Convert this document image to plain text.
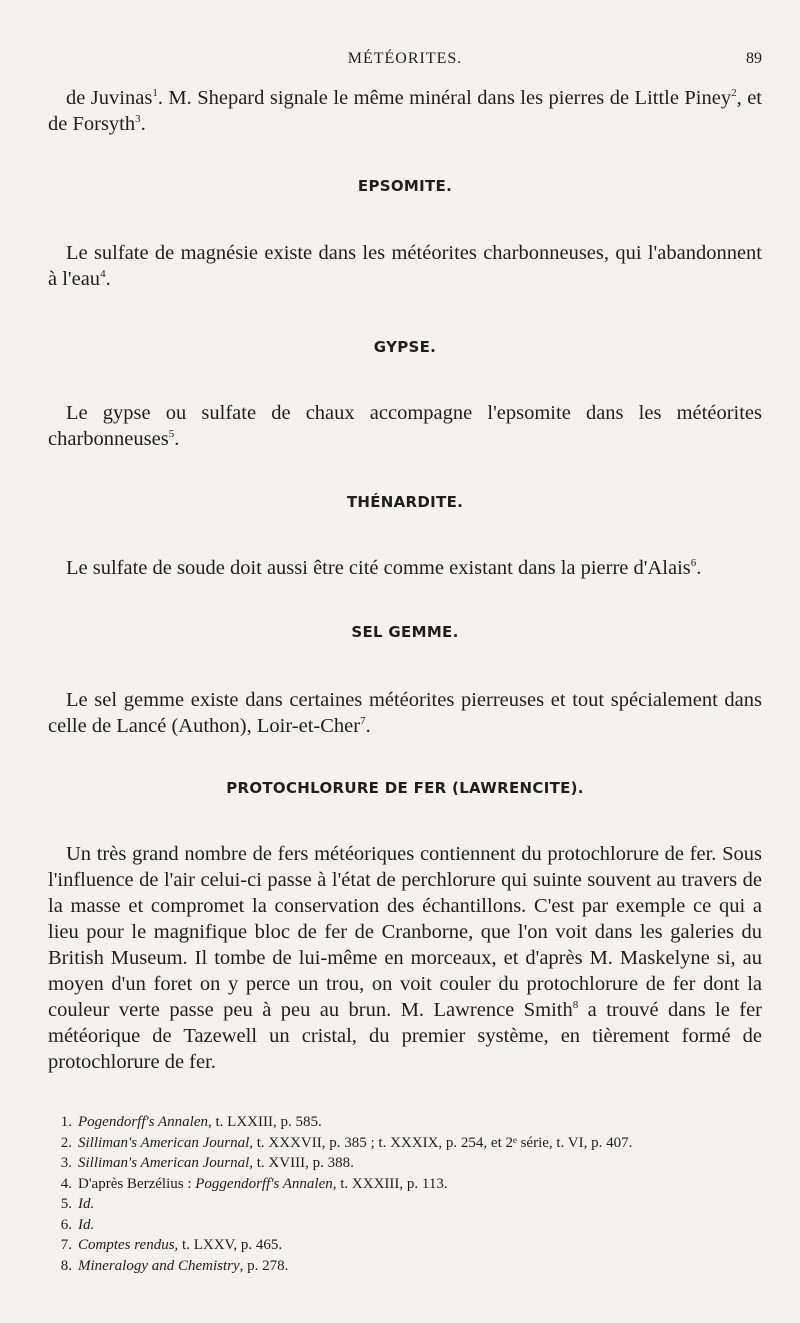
MÉTÉORITES.	89

de Juvinas$^1$. M. Shepard signale le même minéral dans les pierres de Little Piney$^2$, et de Forsyth$^3$.

EPSOMITE.

Le sulfate de magnésie existe dans les météorites charbonneuses, qui l'abandonnent à l'eau$^4$.

GYPSE.

Le gypse ou sulfate de chaux accompagne l'epsomite dans les météorites charbonneuses$^5$.

THÉNARDITE.

Le sulfate de soude doit aussi être cité comme existant dans la pierre d'Alais$^6$.

SEL GEMME.

Le sel gemme existe dans certaines météorites pierreuses et tout spécialement dans celle de Lancé (Authon), Loir-et-Cher$^7$.

PROTOCHLORURE DE FER (LAWRENCITE).

Un très grand nombre de fers météoriques contiennent du protochlorure de fer. Sous l'influence de l'air celui-ci passe à l'état de perchlorure qui suinte souvent au travers de la masse et compromet la conservation des échantillons. C'est par exemple ce qui a lieu pour le magnifique bloc de fer de Cranborne, que l'on voit dans les galeries du British Museum. Il tombe de lui-même en morceaux, et d'après M. Maskelyne si, au moyen d'un foret on y perce un trou, on voit couler du protochlorure de fer dont la couleur verte passe peu à peu au brun. M. Lawrence Smith$^8$ a trouvé dans le fer météorique de Tazewell un cristal, du premier système, en tièrement formé de protochlorure de fer.

1. Pogendorff's Annalen, t. LXXIII, p. 585.
2. Silliman's American Journal, t. XXXVII, p. 385 ; t. XXXIX, p. 254, et 2ᵉ série, t. VI, p. 407.
3. Silliman's American Journal, t. XVIII, p. 388.
4. D'après Berzélius : Poggendorff's Annalen, t. XXXIII, p. 113.
5. Id.
6. Id.
7. Comptes rendus, t. LXXV, p. 465.
8. Mineralogy and Chemistry, p. 278.
